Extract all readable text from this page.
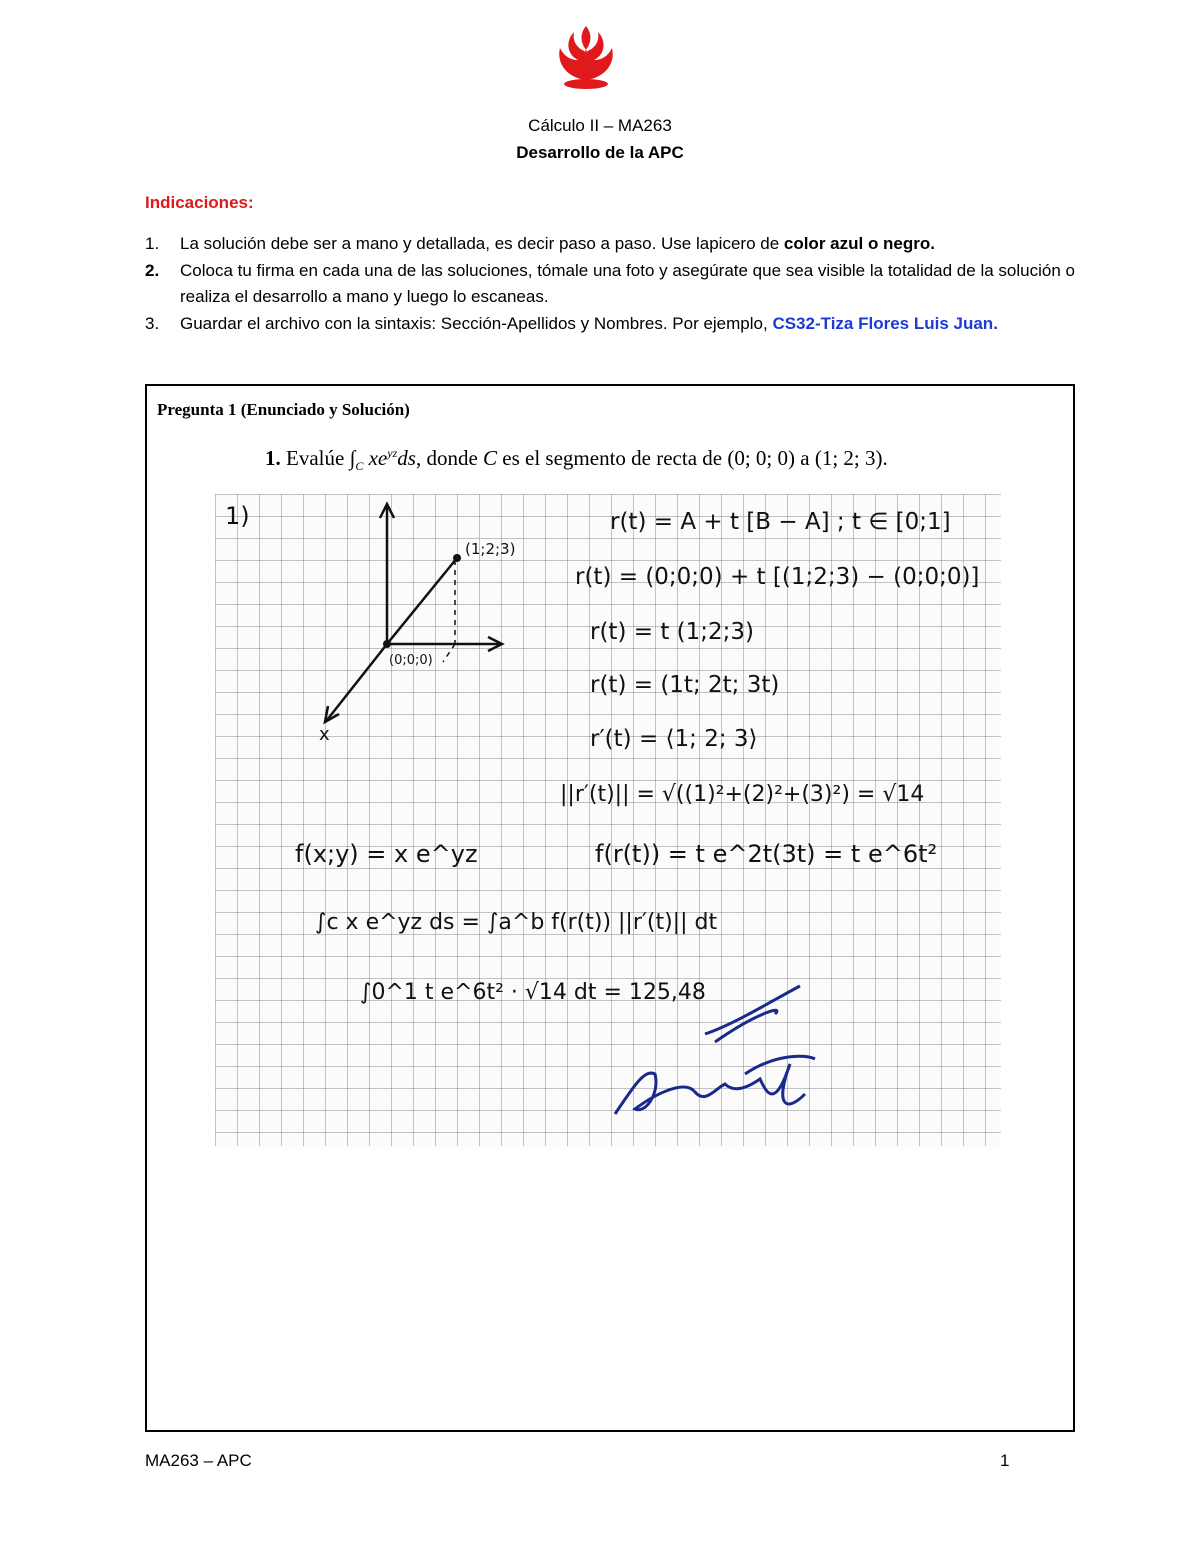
Cálculo II – MA263
Desarrollo de la APC
Indicaciones:
1.	La solución debe ser a mano y detallada, es decir paso a paso. Use lapicero de color azul o negro.
2.	Coloca tu firma en cada una de las soluciones, tómale una foto y asegúrate que sea visible la totalidad de la solución o realiza el desarrollo a mano y luego lo escaneas.
3.	Guardar el archivo con la sintaxis: Sección-Apellidos y Nombres. Por ejemplo, CS32-Tiza Flores Luis Juan.
Pregunta 1 (Enunciado y Solución)
1. Evalúe $\int_C$ $xe^{yz}ds$, donde C es el segmento de recta de (0; 0; 0) a (1; 2; 3).
1)
(1;2;3)
(0;0;0)
x
r(t) = A + t [B − A] ; t ∈ [0;1]
r(t) = (0;0;0) + t [(1;2;3) − (0;0;0)]
r(t) = t (1;2;3)
r(t) = (1t; 2t; 3t)
r′(t) = ⟨1; 2; 3⟩
||r′(t)|| = √((1)²+(2)²+(3)²) = √14
f(x;y) = x e^yz	f(r(t)) = t e^2t(3t) = t e^6t²
∫c x e^yz ds = ∫a^b f(r(t)) ||r′(t)|| dt
∫0^1 t e^6t² · √14 dt = 125,48
MA263 – APC	1
